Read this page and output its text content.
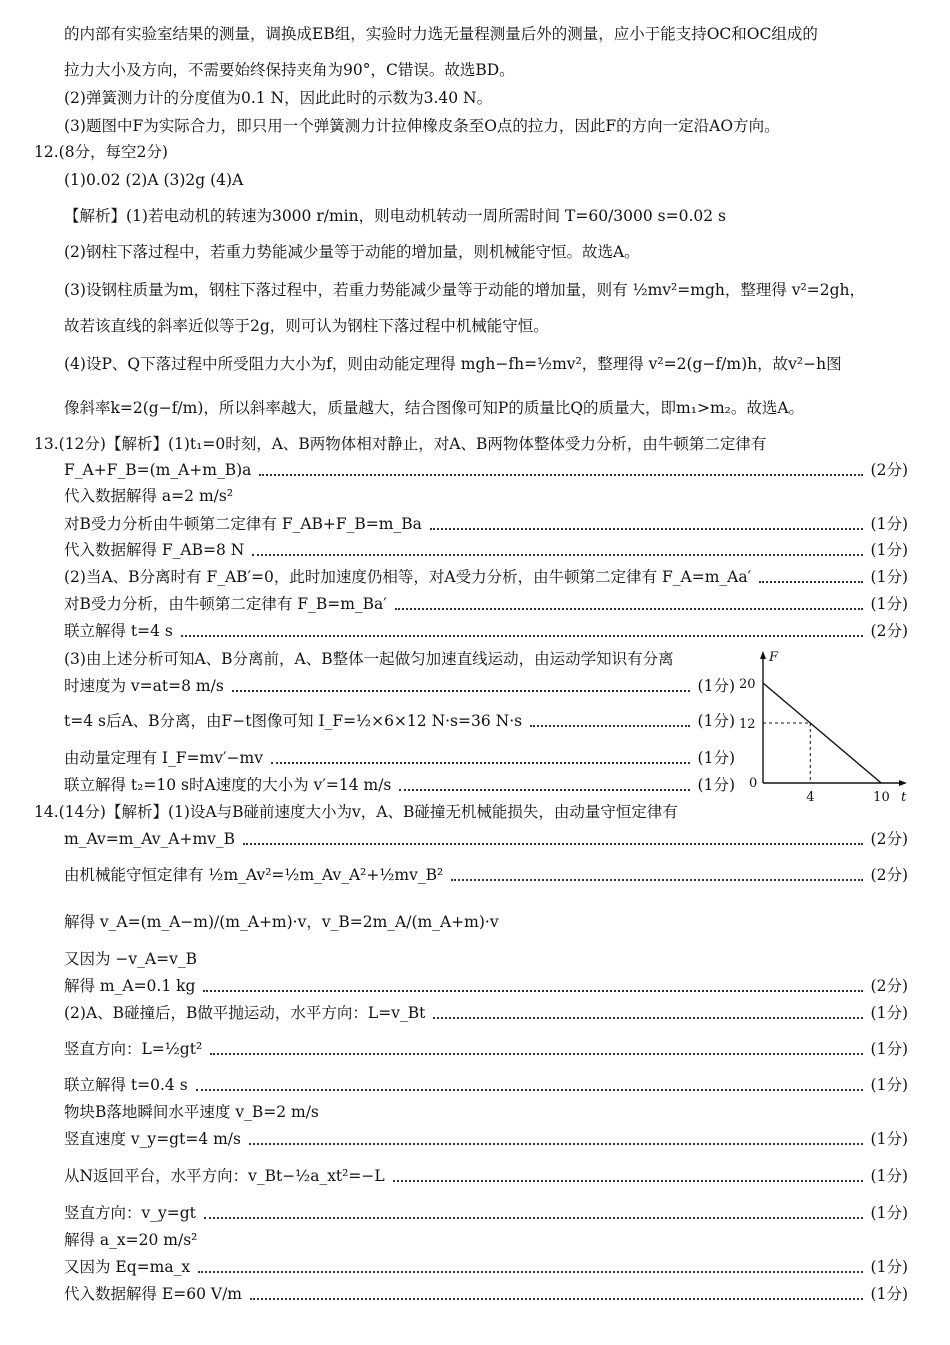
的内部有实验室结果的测量，调换成EB组，实验时力选无量程测量后外的测量，应小于能支持OC和OC组成的
拉力大小及方向，不需要始终保持夹角为90°，C错误。故选BD。
(2)弹簧测力计的分度值为0.1 N，因此此时的示数为3.40 N。
(3)题图中F为实际合力，即只用一个弹簧测力计拉伸橡皮条至O点的拉力，因此F的方向一定沿AO方向。
12.(8分，每空2分)
(1)0.02 (2)A (3)2g (4)A
【解析】(1)若电动机的转速为3000 r/min，则电动机转动一周所需时间 T=60/3000 s=0.02 s
(2)钢柱下落过程中，若重力势能减少量等于动能的增加量，则机械能守恒。故选A。
(3)设钢柱质量为m，钢柱下落过程中，若重力势能减少量等于动能的增加量，则有 ½mv²=mgh，整理得 v²=2gh，
故若该直线的斜率近似等于2g，则可认为钢柱下落过程中机械能守恒。
(4)设P、Q下落过程中所受阻力大小为f，则由动能定理得 mgh−fh=½mv²，整理得 v²=2(g−f/m)h，故v²−h图
像斜率k=2(g−f/m)，所以斜率越大，质量越大，结合图像可知P的质量比Q的质量大，即m₁>m₂。故选A。
13.(12分)【解析】(1)t₁=0时刻，A、B两物体相对静止，对A、B两物体整体受力分析，由牛顿第二定律有
F_A+F_B=(m_A+m_B)a	(2分)
代入数据解得 a=2 m/s²
对B受力分析由牛顿第二定律有 F_AB+F_B=m_Ba	(1分)
代入数据解得 F_AB=8 N	(1分)
(2)当A、B分离时有 F_AB′=0，此时加速度仍相等，对A受力分析，由牛顿第二定律有 F_A=m_Aa′	(1分)
对B受力分析，由牛顿第二定律有 F_B=m_Ba′	(1分)
联立解得 t=4 s	(2分)
(3)由上述分析可知A、B分离前，A、B整体一起做匀加速直线运动，由运动学知识有分离
时速度为 v=at=8 m/s	(1分)
t=4 s后A、B分离，由F−t图像可知 I_F=½×6×12 N·s=36 N·s	(1分)
由动量定理有 I_F=mv′−mv	(1分)
联立解得 t₂=10 s时A速度的大小为 v′=14 m/s	(1分)
F
t
20
12
0
4	10
14.(14分)【解析】(1)设A与B碰前速度大小为v，A、B碰撞无机械能损失，由动量守恒定律有
m_Av=m_Av_A+mv_B	(2分)
由机械能守恒定律有 ½m_Av²=½m_Av_A²+½mv_B²	(2分)
解得 v_A=(m_A−m)/(m_A+m)·v，v_B=2m_A/(m_A+m)·v
又因为 −v_A=v_B
解得 m_A=0.1 kg	(2分)
(2)A、B碰撞后，B做平抛运动，水平方向：L=v_Bt	(1分)
竖直方向：L=½gt²	(1分)
联立解得 t=0.4 s	(1分)
物块B落地瞬间水平速度 v_B=2 m/s
竖直速度 v_y=gt=4 m/s	(1分)
从N返回平台，水平方向：v_Bt−½a_xt²=−L	(1分)
竖直方向：v_y=gt	(1分)
解得 a_x=20 m/s²
又因为 Eq=ma_x	(1分)
代入数据解得 E=60 V/m	(1分)
